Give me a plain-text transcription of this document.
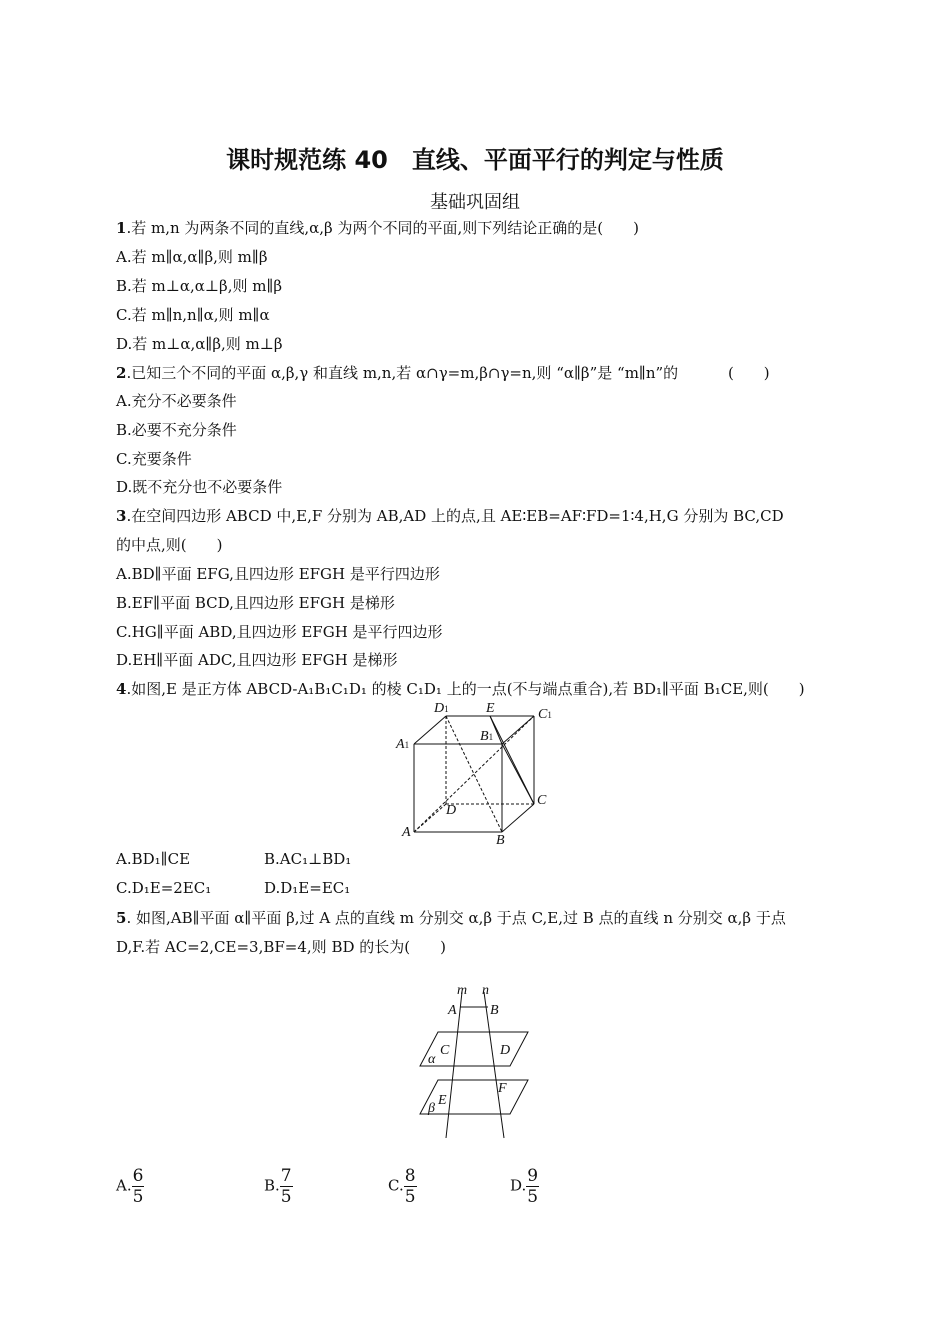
课时规范练 40　直线、平面平行的判定与性质
基础巩固组
1.若 m,n 为两条不同的直线,α,β 为两个不同的平面,则下列结论正确的是(　　)
A.若 m∥α,α∥β,则 m∥β
B.若 m⊥α,α⊥β,则 m∥β
C.若 m∥n,n∥α,则 m∥α
D.若 m⊥α,α∥β,则 m⊥β
2.已知三个不同的平面 α,β,γ 和直线 m,n,若 α∩γ=m,β∩γ=n,则 “α∥β”是 “m∥n”的　　　 (　　)
A.充分不必要条件
B.必要不充分条件
C.充要条件
D.既不充分也不必要条件
3.在空间四边形 ABCD 中,E,F 分别为 AB,AD 上的点,且 AE∶EB=AF∶FD=1∶4,H,G 分别为 BC,CD
的中点,则(　　)
A.BD∥平面 EFG,且四边形 EFGH 是平行四边形
B.EF∥平面 BCD,且四边形 EFGH 是梯形
C.HG∥平面 ABD,且四边形 EFGH 是平行四边形
D.EH∥平面 ADC,且四边形 EFGH 是梯形
4.如图,E 是正方体 ABCD-A₁B₁C₁D₁ 的棱 C₁D₁ 上的一点(不与端点重合),若 BD₁∥平面 B₁CE,则(　　)
D1	E	C1
A1
B1
D
C
A
B
A.BD₁∥CE	B.AC₁⊥BD₁
C.D₁E=2EC₁	D.D₁E=EC₁
5. 如图,AB∥平面 α∥平面 β,过 A 点的直线 m 分别交 α,β 于点 C,E,过 B 点的直线 n 分别交 α,β 于点
D,F.若 AC=2,CE=3,BF=4,则 BD 的长为(　　)
m n
A B
C	D
α
F
β
E
A. $\frac{6}{5}$	B. $\frac{7}{5}$	C. $\frac{8}{5}$	D. $\frac{9}{5}$
